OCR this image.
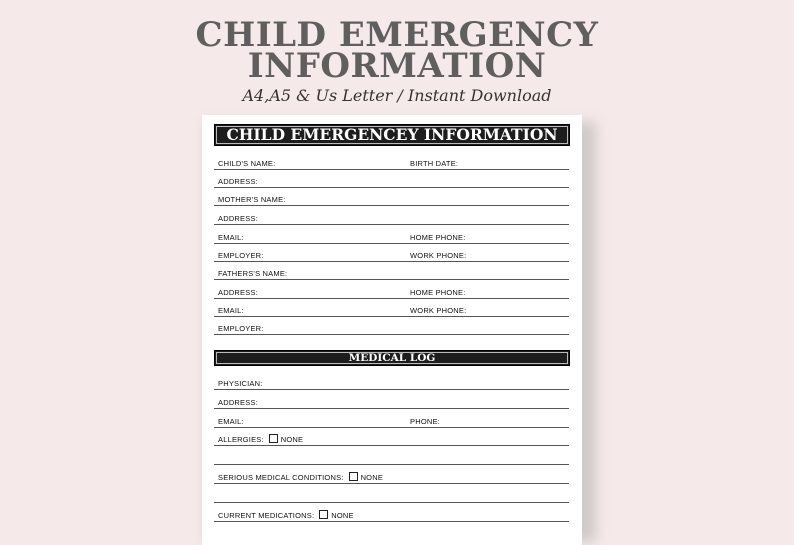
CHILD EMERGENCY
INFORMATION
A4,A5 & Us Letter / Instant Download
CHILD EMERGENCEY INFORMATION
CHILD'S NAME:	BIRTH DATE:
ADDRESS:
MOTHER'S NAME:
ADDRESS:
EMAIL:	HOME PHONE:
EMPLOYER:	WORK PHONE:
FATHERS'S NAME:
ADDRESS:	HOME PHONE:
EMAIL:	WORK PHONE:
EMPLOYER:
MEDICAL LOG
PHYSICIAN:
ADDRESS:
EMAIL:	PHONE:
ALLERGIES: NONE
SERIOUS MEDICAL CONDITIONS: NONE
CURRENT MEDICATIONS: NONE
